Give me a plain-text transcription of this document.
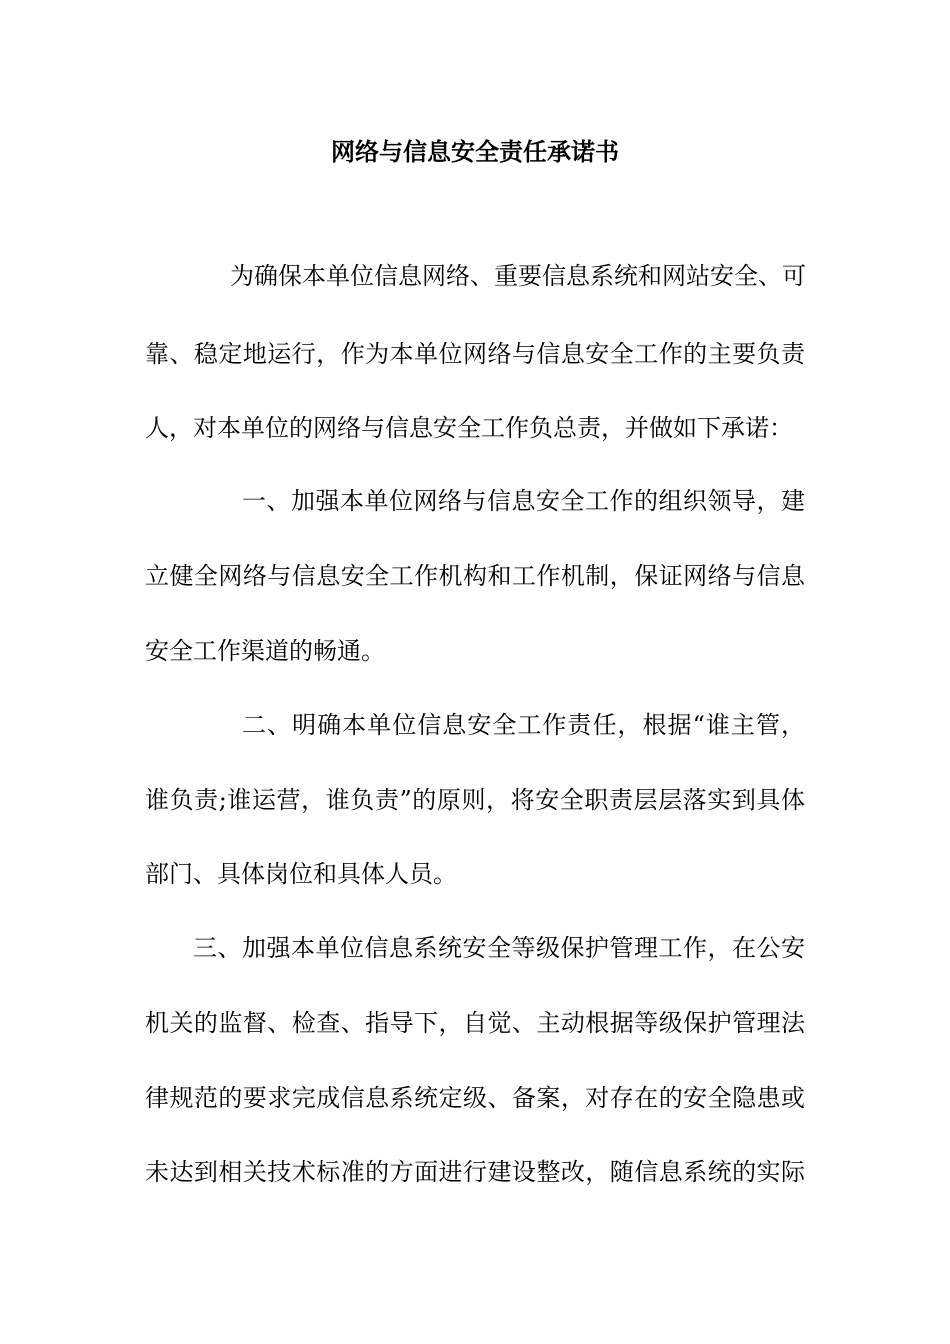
网络与信息安全责任承诺书

为确保本单位信息网络、重要信息系统和网站安全、可

靠、稳定地运行，作为本单位网络与信息安全工作的主要负责

人，对本单位的网络与信息安全工作负总责，并做如下承诺：

一、加强本单位网络与信息安全工作的组织领导，建

立健全网络与信息安全工作机构和工作机制，保证网络与信息

安全工作渠道的畅通。

二、明确本单位信息安全工作责任，根据“谁主管，

谁负责;谁运营，谁负责”的原则，将安全职责层层落实到具体

部门、具体岗位和具体人员。

三、加强本单位信息系统安全等级保护管理工作，在公安

机关的监督、检查、指导下，自觉、主动根据等级保护管理法

律规范的要求完成信息系统定级、备案，对存在的安全隐患或

未达到相关技术标准的方面进行建设整改，随信息系统的实际
